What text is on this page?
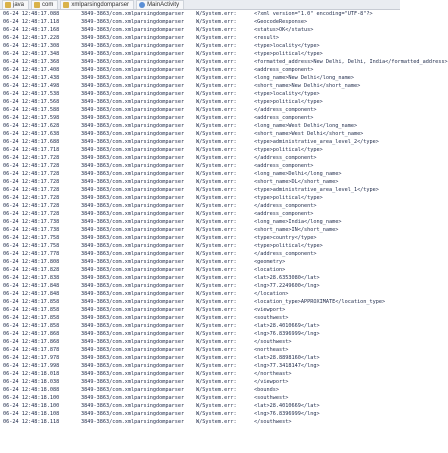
java	com	xmlparsingdomparser	MainActivity
06-24 12:48:17.088	3849-3863/com.xmlparsingdomparser	W/System.err:	<?xml version="1.0" encoding="UTF-8"?>
06-24 12:48:17.118	3849-3863/com.xmlparsingdomparser	W/System.err:	<GeocodeResponse>
06-24 12:48:17.168	3849-3863/com.xmlparsingdomparser	W/System.err:	<status>OK</status>
06-24 12:48:17.228	3849-3863/com.xmlparsingdomparser	W/System.err:	<result>
06-24 12:48:17.308	3849-3863/com.xmlparsingdomparser	W/System.err:	<type>locality</type>
06-24 12:48:17.348	3849-3863/com.xmlparsingdomparser	W/System.err:	<type>political</type>
06-24 12:48:17.368	3849-3863/com.xmlparsingdomparser	W/System.err:	<formatted_address>New Delhi, Delhi, India</formatted_address>
06-24 12:48:17.408	3849-3863/com.xmlparsingdomparser	W/System.err:	<address_component>
06-24 12:48:17.438	3849-3863/com.xmlparsingdomparser	W/System.err:	<long_name>New Delhi</long_name>
06-24 12:48:17.498	3849-3863/com.xmlparsingdomparser	W/System.err:	<short_name>New Delhi</short_name>
06-24 12:48:17.538	3849-3863/com.xmlparsingdomparser	W/System.err:	<type>locality</type>
06-24 12:48:17.568	3849-3863/com.xmlparsingdomparser	W/System.err:	<type>political</type>
06-24 12:48:17.588	3849-3863/com.xmlparsingdomparser	W/System.err:	</address_component>
06-24 12:48:17.598	3849-3863/com.xmlparsingdomparser	W/System.err:	<address_component>
06-24 12:48:17.628	3849-3863/com.xmlparsingdomparser	W/System.err:	<long_name>West Delhi</long_name>
06-24 12:48:17.638	3849-3863/com.xmlparsingdomparser	W/System.err:	<short_name>West Delhi</short_name>
06-24 12:48:17.688	3849-3863/com.xmlparsingdomparser	W/System.err:	<type>administrative_area_level_2</type>
06-24 12:48:17.718	3849-3863/com.xmlparsingdomparser	W/System.err:	<type>political</type>
06-24 12:48:17.728	3849-3863/com.xmlparsingdomparser	W/System.err:	</address_component>
06-24 12:48:17.728	3849-3863/com.xmlparsingdomparser	W/System.err:	<address_component>
06-24 12:48:17.728	3849-3863/com.xmlparsingdomparser	W/System.err:	<long_name>Delhi</long_name>
06-24 12:48:17.728	3849-3863/com.xmlparsingdomparser	W/System.err:	<short_name>DL</short_name>
06-24 12:48:17.728	3849-3863/com.xmlparsingdomparser	W/System.err:	<type>administrative_area_level_1</type>
06-24 12:48:17.728	3849-3863/com.xmlparsingdomparser	W/System.err:	<type>political</type>
06-24 12:48:17.728	3849-3863/com.xmlparsingdomparser	W/System.err:	</address_component>
06-24 12:48:17.728	3849-3863/com.xmlparsingdomparser	W/System.err:	<address_component>
06-24 12:48:17.738	3849-3863/com.xmlparsingdomparser	W/System.err:	<long_name>India</long_name>
06-24 12:48:17.738	3849-3863/com.xmlparsingdomparser	W/System.err:	<short_name>IN</short_name>
06-24 12:48:17.758	3849-3863/com.xmlparsingdomparser	W/System.err:	<type>country</type>
06-24 12:48:17.758	3849-3863/com.xmlparsingdomparser	W/System.err:	<type>political</type>
06-24 12:48:17.778	3849-3863/com.xmlparsingdomparser	W/System.err:	</address_component>
06-24 12:48:17.808	3849-3863/com.xmlparsingdomparser	W/System.err:	<geometry>
06-24 12:48:17.828	3849-3863/com.xmlparsingdomparser	W/System.err:	<location>
06-24 12:48:17.838	3849-3863/com.xmlparsingdomparser	W/System.err:	<lat>28.6353080</lat>
06-24 12:48:17.848	3849-3863/com.xmlparsingdomparser	W/System.err:	<lng>77.2249600</lng>
06-24 12:48:17.848	3849-3863/com.xmlparsingdomparser	W/System.err:	</location>
06-24 12:48:17.858	3849-3863/com.xmlparsingdomparser	W/System.err:	<location_type>APPROXIMATE</location_type>
06-24 12:48:17.858	3849-3863/com.xmlparsingdomparser	W/System.err:	<viewport>
06-24 12:48:17.858	3849-3863/com.xmlparsingdomparser	W/System.err:	<southwest>
06-24 12:48:17.858	3849-3863/com.xmlparsingdomparser	W/System.err:	<lat>28.4010669</lat>
06-24 12:48:17.868	3849-3863/com.xmlparsingdomparser	W/System.err:	<lng>76.8396999</lng>
06-24 12:48:17.868	3849-3863/com.xmlparsingdomparser	W/System.err:	</southwest>
06-24 12:48:17.878	3849-3863/com.xmlparsingdomparser	W/System.err:	<northeast>
06-24 12:48:17.978	3849-3863/com.xmlparsingdomparser	W/System.err:	<lat>28.8898160</lat>
06-24 12:48:17.998	3849-3863/com.xmlparsingdomparser	W/System.err:	<lng>77.3418147</lng>
06-24 12:48:18.018	3849-3863/com.xmlparsingdomparser	W/System.err:	</northeast>
06-24 12:48:18.038	3849-3863/com.xmlparsingdomparser	W/System.err:	</viewport>
06-24 12:48:18.088	3849-3863/com.xmlparsingdomparser	W/System.err:	<bounds>
06-24 12:48:18.100	3849-3863/com.xmlparsingdomparser	W/System.err:	<southwest>
06-24 12:48:18.100	3849-3863/com.xmlparsingdomparser	W/System.err:	<lat>28.4010669</lat>
06-24 12:48:18.108	3849-3863/com.xmlparsingdomparser	W/System.err:	<lng>76.8396999</lng>
06-24 12:48:18.118	3849-3863/com.xmlparsingdomparser	W/System.err:	</southwest>
